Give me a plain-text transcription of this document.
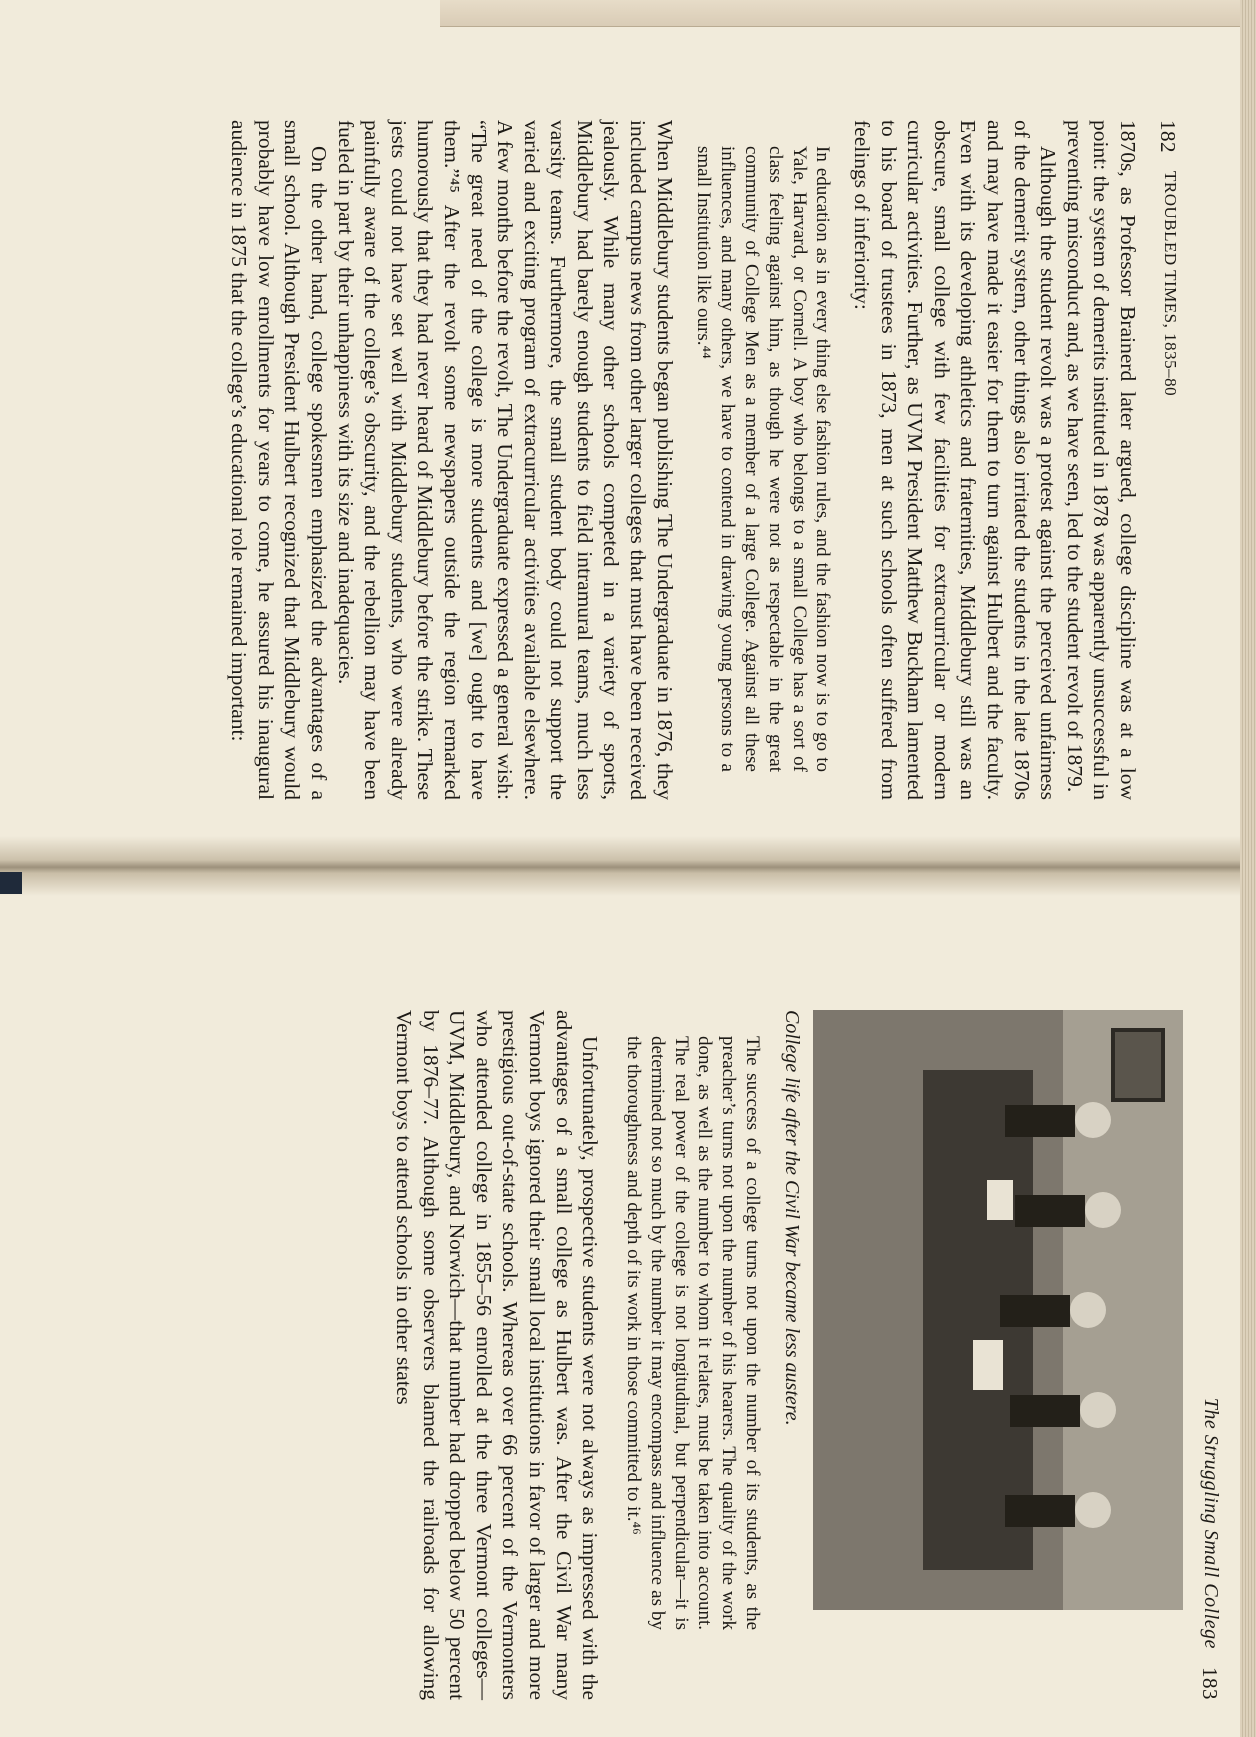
182
TROUBLED TIMES, 1835–80

1870s, as Professor Brainerd later argued, college discipline was at a low point: the system of demerits instituted in 1878 was apparently unsuccessful in preventing misconduct and, as we have seen, led to the student revolt of 1879.

Although the student revolt was a protest against the perceived unfairness of the demerit system, other things also irritated the students in the late 1870s and may have made it easier for them to turn against Hulbert and the faculty. Even with its developing athletics and fraternities, Middlebury still was an obscure, small college with few facilities for extracurricular or modern curricular activities. Further, as UVM President Matthew Buckham lamented to his board of trustees in 1873, men at such schools often suffered from feelings of inferiority:

In education as in every thing else fashion rules, and the fashion now is to go to Yale, Harvard, or Cornell. A boy who belongs to a small College has a sort of class feeling against him, as though he were not as respectable in the great community of College Men as a member of a large College. Against all these influences, and many others, we have to contend in drawing young persons to a small Institution like ours.⁴⁴

When Middlebury students began publishing The Undergraduate in 1876, they included campus news from other larger colleges that must have been received jealously. While many other schools competed in a variety of sports, Middlebury had barely enough students to field intramural teams, much less varsity teams. Furthermore, the small student body could not support the varied and exciting program of extracurricular activities available elsewhere. A few months before the revolt, The Undergraduate expressed a general wish: “The great need of the college is more students and [we] ought to have them.”⁴⁵ After the revolt some newspapers outside the region remarked humorously that they had never heard of Middlebury before the strike. These jests could not have set well with Middlebury students, who were already painfully aware of the college’s obscurity, and the rebellion may have been fueled in part by their unhappiness with its size and inadequacies.

On the other hand, college spokesmen emphasized the advantages of a small school. Although President Hulbert recognized that Middlebury would probably have low enrollments for years to come, he assured his inaugural audience in 1875 that the college’s educational role remained important:

The Struggling Small College
183

College life after the Civil War became less austere.

The success of a college turns not upon the number of its students, as the preacher’s turns not upon the number of his hearers. The quality of the work done, as well as the number to whom it relates, must be taken into account. The real power of the college is not longitudinal, but perpendicular—it is determined not so much by the number it may encompass and influence as by the thoroughness and depth of its work in those committed to it.⁴⁶

Unfortunately, prospective students were not always as impressed with the advantages of a small college as Hulbert was. After the Civil War many Vermont boys ignored their small local institutions in favor of larger and more prestigious out-of-state schools. Whereas over 66 percent of the Vermonters who attended college in 1855–56 enrolled at the three Vermont colleges—UVM, Middlebury, and Norwich—that number had dropped below 50 percent by 1876–77. Although some observers blamed the railroads for allowing Vermont boys to attend schools in other states
